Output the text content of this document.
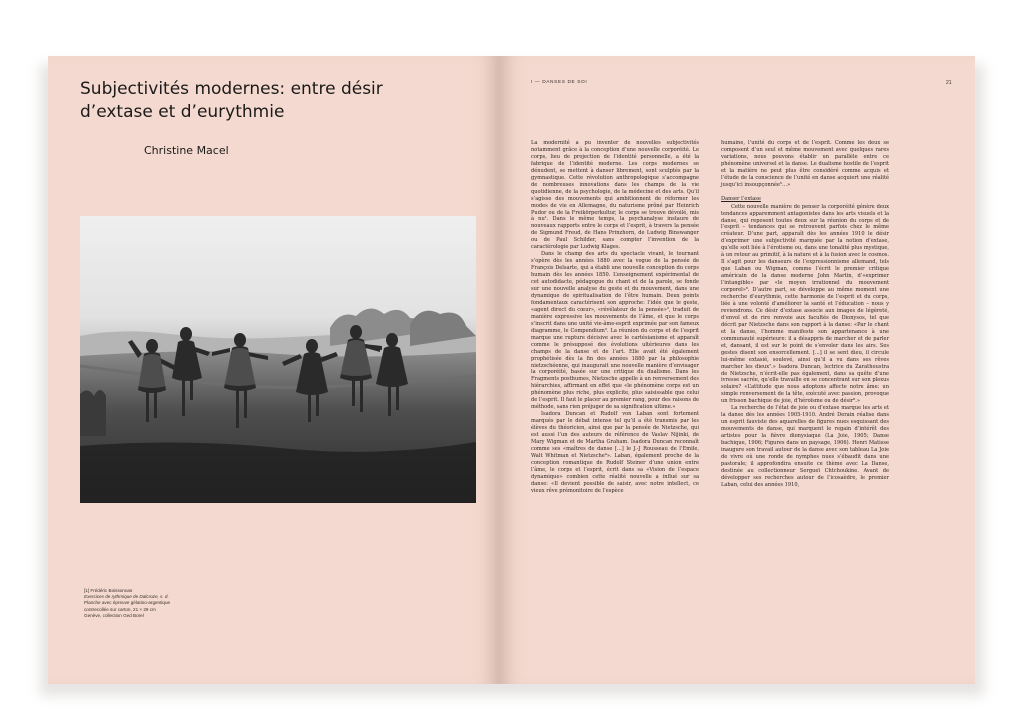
Subjectivités modernes: entre désir d’extase et d’eurythmie
Christine Macel
[1] Frédéric Boissonnas
Exercices de rythmique de Dalcroze, s. d.
Planche avec épreuve gélatino-argentique
contrecollée sur carton, 21 × 29 cm
Genève, collection Ged Borel
I — DANSES DE SOI	21

La modernité a pu inventer de nouvelles subjectivités notamment grâce à la conception d’une nouvelle corporéité. Le corps, lieu de projection de l’identité personnelle, a été la fabrique de l’identité moderne. Les corps modernes se dénudent, se mettent à danser librement, sont sculptés par la gymnastique. Cette révolution anthropologique s’accompagne de nombreuses innovations dans les champs de la vie quotidienne, de la psychologie, de la médecine et des arts. Qu’il s’agisse des mouvements qui ambitionnent de réformer les modes de vie en Allemagne, du naturisme prôné par Heinrich Pudor ou de la Freikörperkultur, le corps se trouve dévoilé, mis à nu¹. Dans le même temps, la psychanalyse instaure de nouveaux rapports entre le corps et l’esprit, à travers la pensée de Sigmund Freud, de Hans Prinzhorn, de Ludwig Binswanger ou de Paul Schilder, sans compter l’invention de la caractérologie par Ludwig Klages.

Dans le champ des arts du spectacle vivant, le tournant s’opère dès les années 1880 avec la vogue de la pensée de François Delsarte, qui a établi une nouvelle conception du corps humain dès les années 1850. L’enseignement expérimental de cet autodidacte, pédagogue du chant et de la parole, se fonde sur une nouvelle analyse du geste et du mouvement, dans une dynamique de spiritualisation de l’être humain. Deux points fondamentaux caractérisent son approche: l’idée que le geste, «agent direct du cœur», «révélateur de la pensée»², traduit de manière expressive les mouvements de l’âme, et que le corps s’inscrit dans une unité vie-âme-esprit exprimée par son fameux diagramme, le Compendium³. La réunion du corps et de l’esprit marque une rupture décisive avec le cartésianisme et apparaît comme le présupposé des évolutions ultérieures dans les champs de la danse et de l’art. Elle avait été également prophétisée dès la fin des années 1880 par la philosophie nietzschéenne, qui inaugurait une nouvelle manière d’envisager la corporéité, basée sur une critique du dualisme. Dans les Fragments posthumes, Nietzsche appelle à un renversement des hiérarchies, affirmant en effet que «le phénomène corps est un phénomène plus riche, plus explicite, plus saisissable que celui de l’esprit. Il faut le placer au premier rang, pour des raisons de méthode, sans rien préjuger de sa signification ultime.»

Isadora Duncan et Rudolf von Laban sont fortement marqués par le débat intense tel qu’il a été transmis par les élèves du théoricien, ainsi que par la pensée de Nietzsche, qui est aussi l’un des auteurs de référence de Vaslav Nijinki, de Mary Wigman et de Martha Graham. Isadora Duncan reconnaît comme ses «maîtres de danse [...] le J.-J Rousseau de l’Emile, Walt Whitman et Nietzsche⁴». Laban, également proche de la conception romantique de Rudolf Steiner d’une union entre l’âme, le corps et l’esprit, écrit dans sa «Vision de l’espace dynamique» combien cette réalité nouvelle a influé sur sa danse: «Il devient possible de saisir, avec notre intellect, ce vieux rêve prémonitoire de l’espèce

humaine, l’unité du corps et de l’esprit. Comme les deux se composent d’un seul et même mouvement avec quelques rares variations, nous pouvons établir un parallèle entre ce phénomène universel et la danse. Le dualisme hostile de l’esprit et la matière ne peut plus être considéré comme acquis et l’étude de la conscience de l’unité en danse acquiert une réalité jusqu’ici insoupçonnée⁵…»

Danser l’extase

Cette nouvelle manière de penser la corporéité génère deux tendances apparemment antagonistes dans les arts visuels et la danse, qui reposent toutes deux sur la réunion du corps et de l’esprit – tendances qui se retrouvent parfois chez le même créateur. D’une part, apparaît dès les années 1910 le désir d’exprimer une subjectivité marquée par la notion d’extase, qu’elle soit liée à l’érotisme ou, dans une tonalité plus mystique, à un retour au primitif, à la nature et à la fusion avec le cosmos. Il s’agit pour les danseurs de l’expressionnisme allemand, tels que Laban ou Wigman, comme l’écrit le premier critique américain de la danse moderne John Martin, d’«exprimer l’intangible» par «le moyen irrationnel du mouvement corporel»⁶. D’autre part, se développe au même moment une recherche d’eurythmie, cette harmonie de l’esprit et du corps, liée à une volonté d’améliorer la santé et l’éducation – nous y reviendrons. Ce désir d’extase associe aux images de légèreté, d’envol et de rire renvoie aux facultés de Dionysos, tel que décrit par Nietzsche dans son rapport à la danse: «Par le chant et la danse, l’homme manifeste son appartenance à une communauté supérieure: il a désappris de marcher et de parler et, dansant, il est sur le point de s’envoler dans les airs. Ses gestes disent son ensorcellement. [...] il se sent dieu, il circule lui-même extasié, soulevé, ainsi qu’il a vu dans ses rêves marcher les dieux⁷.» Isadora Duncan, lectrice du Zarathoustra de Nietzsche, n’écrit-elle pas également, dans sa quête d’une ivresse sacrée, qu’elle travaille en se concentrant sur son plexus solaire? «L’attitude que nous adoptons affecte notre âme: un simple renversement de la tête, exécuté avec passion, provoque un frisson bachique de joie, d’héroïsme ou de désir⁸.»

La recherche de l’état de joie ou d’extase marque les arts et la danse dès les années 1905-1910. André Derain réalise dans un esprit fauviste des aquarelles de figures nues esquissant des mouvements de danse, qui marquent le regain d’intérêt des artistes pour la fièvre dionysiaque (La Joie, 1905; Danse bachique, 1906; Figures dans un paysage, 1906). Henri Matisse inaugure son travail autour de la danse avec son tableau La Joie de vivre où une ronde de nymphes nues s’ébaudit dans une pastorale; il approfondira ensuite ce thème avec La Danse, destinée au collectionneur Sergueï Chtchoukine. Avant de développer ses recherches autour de l’icosaèdre, le premier Laban, celui des années 1910,
